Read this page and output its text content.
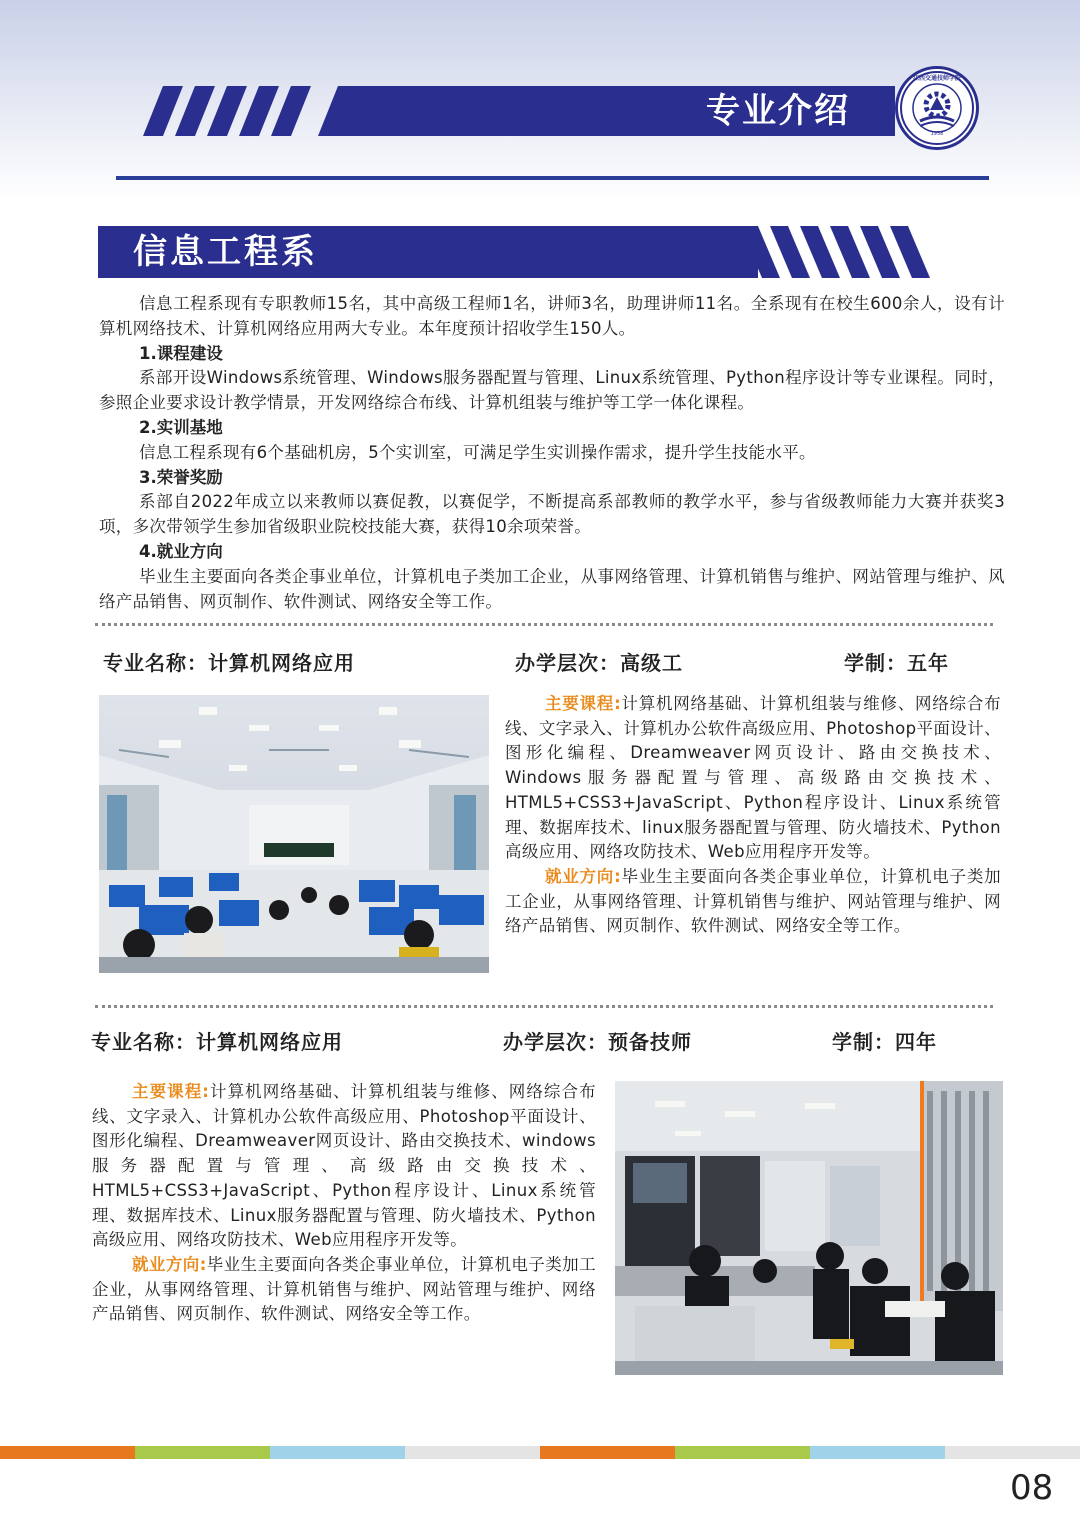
专业介绍
1958
江西交通技师学院
信息工程系

信息工程系现有专职教师15名，其中高级工程师1名，讲师3名，助理讲师11名。全系现有在校生600余人，设有计算机网络技术、计算机网络应用两大专业。本年度预计招收学生150人。

1.课程建设

系部开设Windows系统管理、Windows服务器配置与管理、Linux系统管理、Python程序设计等专业课程。同时，参照企业要求设计教学情景，开发网络综合布线、计算机组装与维护等工学一体化课程。

2.实训基地

信息工程系现有6个基础机房，5个实训室，可满足学生实训操作需求，提升学生技能水平。

3.荣誉奖励

系部自2022年成立以来教师以赛促教，以赛促学，不断提高系部教师的教学水平，参与省级教师能力大赛并获奖3项，多次带领学生参加省级职业院校技能大赛，获得10余项荣誉。

4.就业方向

毕业生主要面向各类企事业单位，计算机电子类加工企业，从事网络管理、计算机销售与维护、网站管理与维护、风络产品销售、网页制作、软件测试、网络安全等工作。

专业名称：计算机网络应用	办学层次：高级工	学制：五年

主要课程:计算机网络基础、计算机组装与维修、网络综合布线、文字录入、计算机办公软件高级应用、Photoshop平面设计、图形化编程、Dreamweaver网页设计、路由交换技术、Windows服务器配置与管理、高级路由交换技术、HTML5+CSS3+JavaScript、Python程序设计、Linux系统管理、数据库技术、linux服务器配置与管理、防火墙技术、Python高级应用、网络攻防技术、Web应用程序开发等。

就业方向:毕业生主要面向各类企事业单位，计算机电子类加工企业，从事网络管理、计算机销售与维护、网站管理与维护、网络产品销售、网页制作、软件测试、网络安全等工作。

专业名称：计算机网络应用	办学层次：预备技师	学制：四年

主要课程:计算机网络基础、计算机组装与维修、网络综合布线、文字录入、计算机办公软件高级应用、Photoshop平面设计、图形化编程、Dreamweaver网页设计、路由交换技术、windows服务器配置与管理、高级路由交换技术、HTML5+CSS3+JavaScript、Python程序设计、Linux系统管理、数据库技术、Linux服务器配置与管理、防火墙技术、Python高级应用、网络攻防技术、Web应用程序开发等。

就业方向:毕业生主要面向各类企事业单位，计算机电子类加工企业，从事网络管理、计算机销售与维护、网站管理与维护、网络产品销售、网页制作、软件测试、网络安全等工作。

08
